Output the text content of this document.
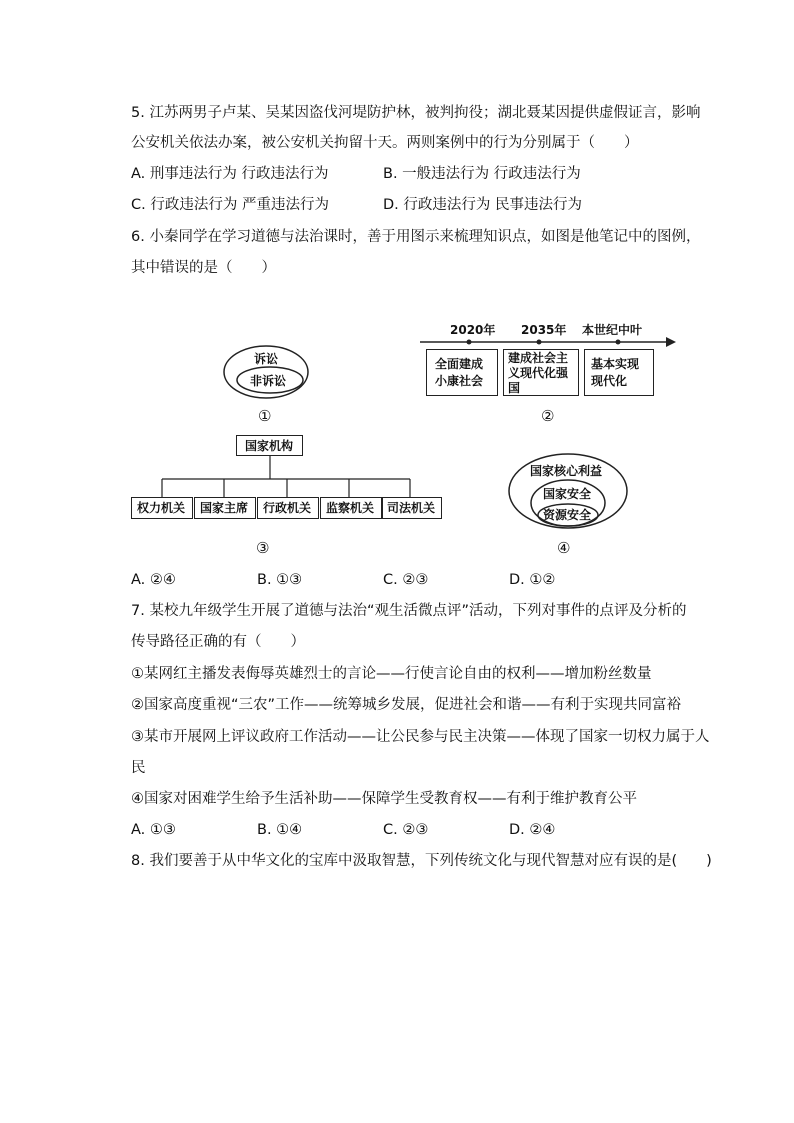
5. 江苏两男子卢某、吴某因盗伐河堤防护林，被判拘役；湖北聂某因提供虚假证言，影响
公安机关依法办案，被公安机关拘留十天。两则案例中的行为分别属于（　　）
A. 刑事违法行为 行政违法行为	B. 一般违法行为 行政违法行为
C. 行政违法行为 严重违法行为	D. 行政违法行为 民事违法行为
6. 小秦同学在学习道德与法治课时，善于用图示来梳理知识点，如图是他笔记中的图例，
其中错误的是（　　）
诉讼
非诉讼
①
2020年 2035年 本世纪中叶
全面建成
小康社会
建成社会主
义现代化强
国
基本实现
现代化
②
国家机构
权力机关 国家主席 行政机关 监察机关 司法机关
③
国家核心利益
国家安全
资源安全
④
A. ②④	B. ①③	C. ②③	D. ①②
7. 某校九年级学生开展了道德与法治“观生活微点评”活动，下列对事件的点评及分析的
传导路径正确的有（　　）
①某网红主播发表侮辱英雄烈士的言论——行使言论自由的权利——增加粉丝数量
②国家高度重视“三农”工作——统筹城乡发展，促进社会和谐——有利于实现共同富裕
③某市开展网上评议政府工作活动——让公民参与民主决策——体现了国家一切权力属于人
民
④国家对困难学生给予生活补助——保障学生受教育权——有利于维护教育公平
A. ①③	B. ①④	C. ②③	D. ②④
8. 我们要善于从中华文化的宝库中汲取智慧，下列传统文化与现代智慧对应有误的是(　　)
